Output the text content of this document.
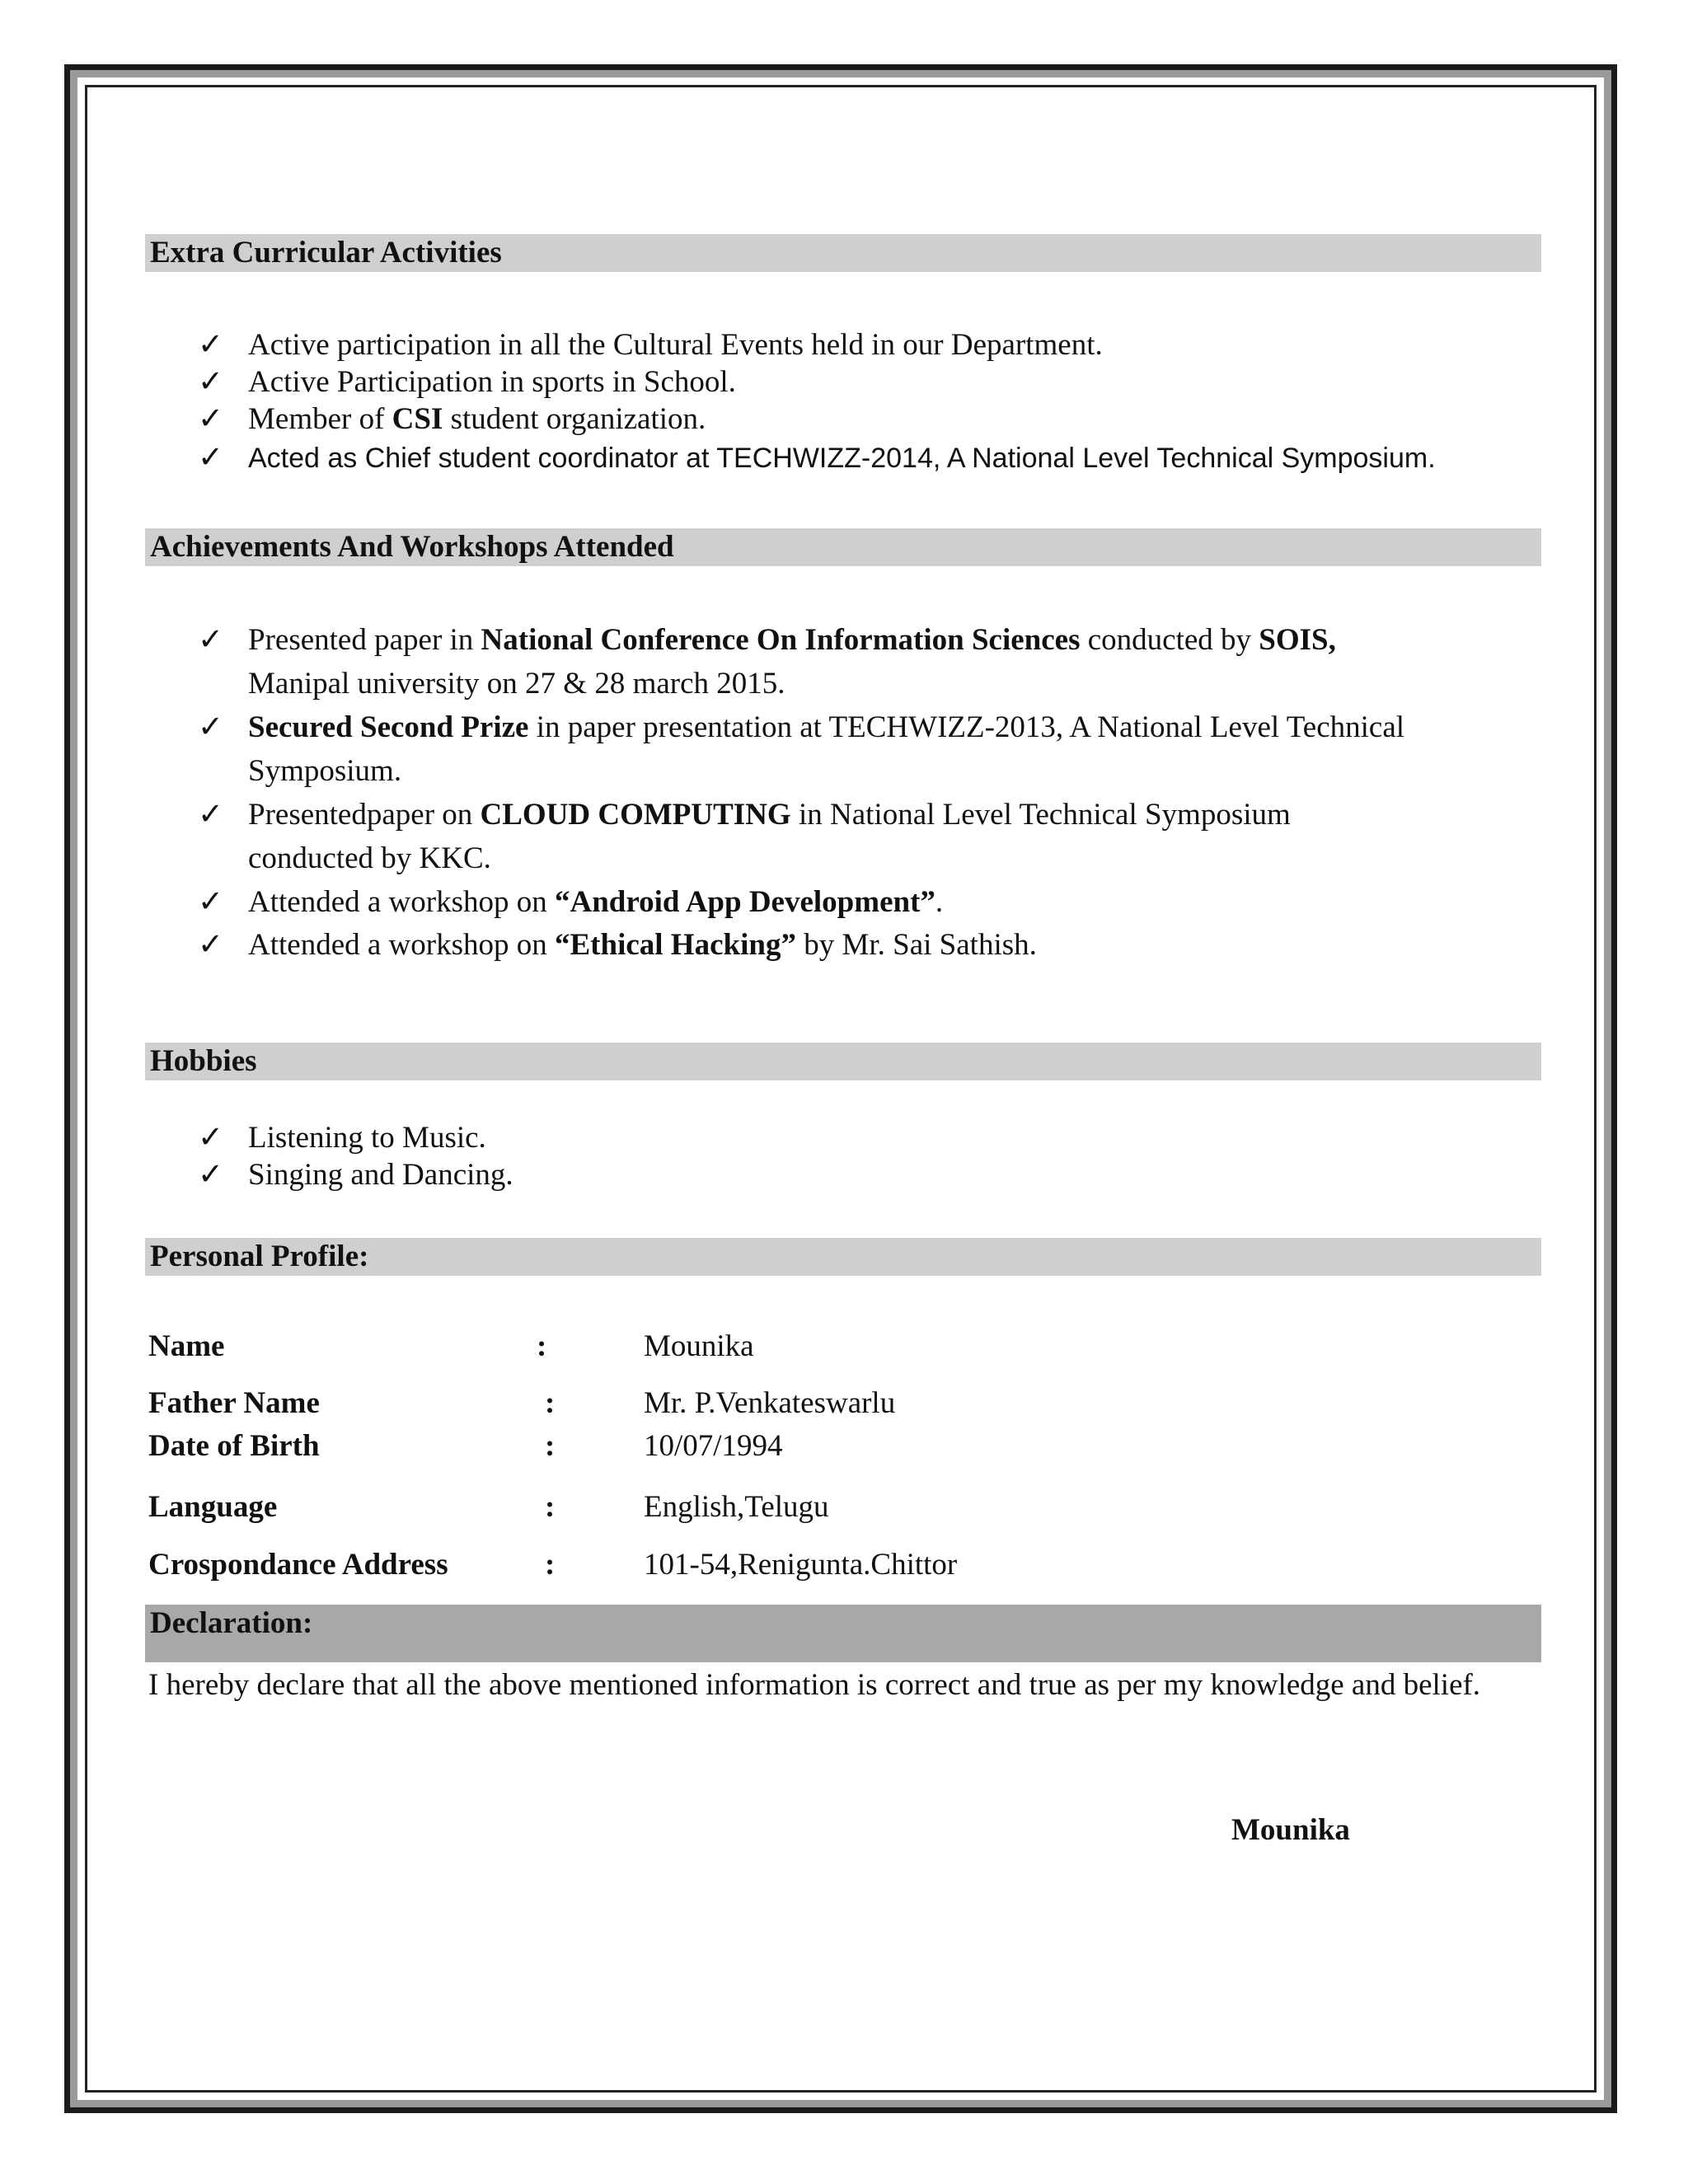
Extra Curricular Activities
✓ Active participation in all the Cultural Events held in our Department.
✓ Active Participation in sports in School.
✓ Member of CSI student organization.
✓ Acted as Chief student coordinator at TECHWIZZ-2014, A National Level Technical Symposium.
Achievements And Workshops Attended
✓ Presented paper in National Conference On Information Sciences conducted by SOIS,
Manipal university on 27 & 28 march 2015.
✓ Secured Second Prize in paper presentation at TECHWIZZ-2013, A National Level Technical
Symposium.
✓ Presentedpaper on CLOUD COMPUTING in National Level Technical Symposium
conducted by KKC.
✓ Attended a workshop on “Android App Development”.
✓ Attended a workshop on “Ethical Hacking” by Mr. Sai Sathish.
Hobbies
✓ Listening to Music.
✓ Singing and Dancing.
Personal Profile:
Name	:	Mounika
Father Name	:	Mr. P.Venkateswarlu
Date of Birth	:	10/07/1994
Language	:	English,Telugu
Crospondance Address	:	101-54,Renigunta.Chittor
Declaration:
I hereby declare that all the above mentioned information is correct and true as per my knowledge and belief.
Mounika
